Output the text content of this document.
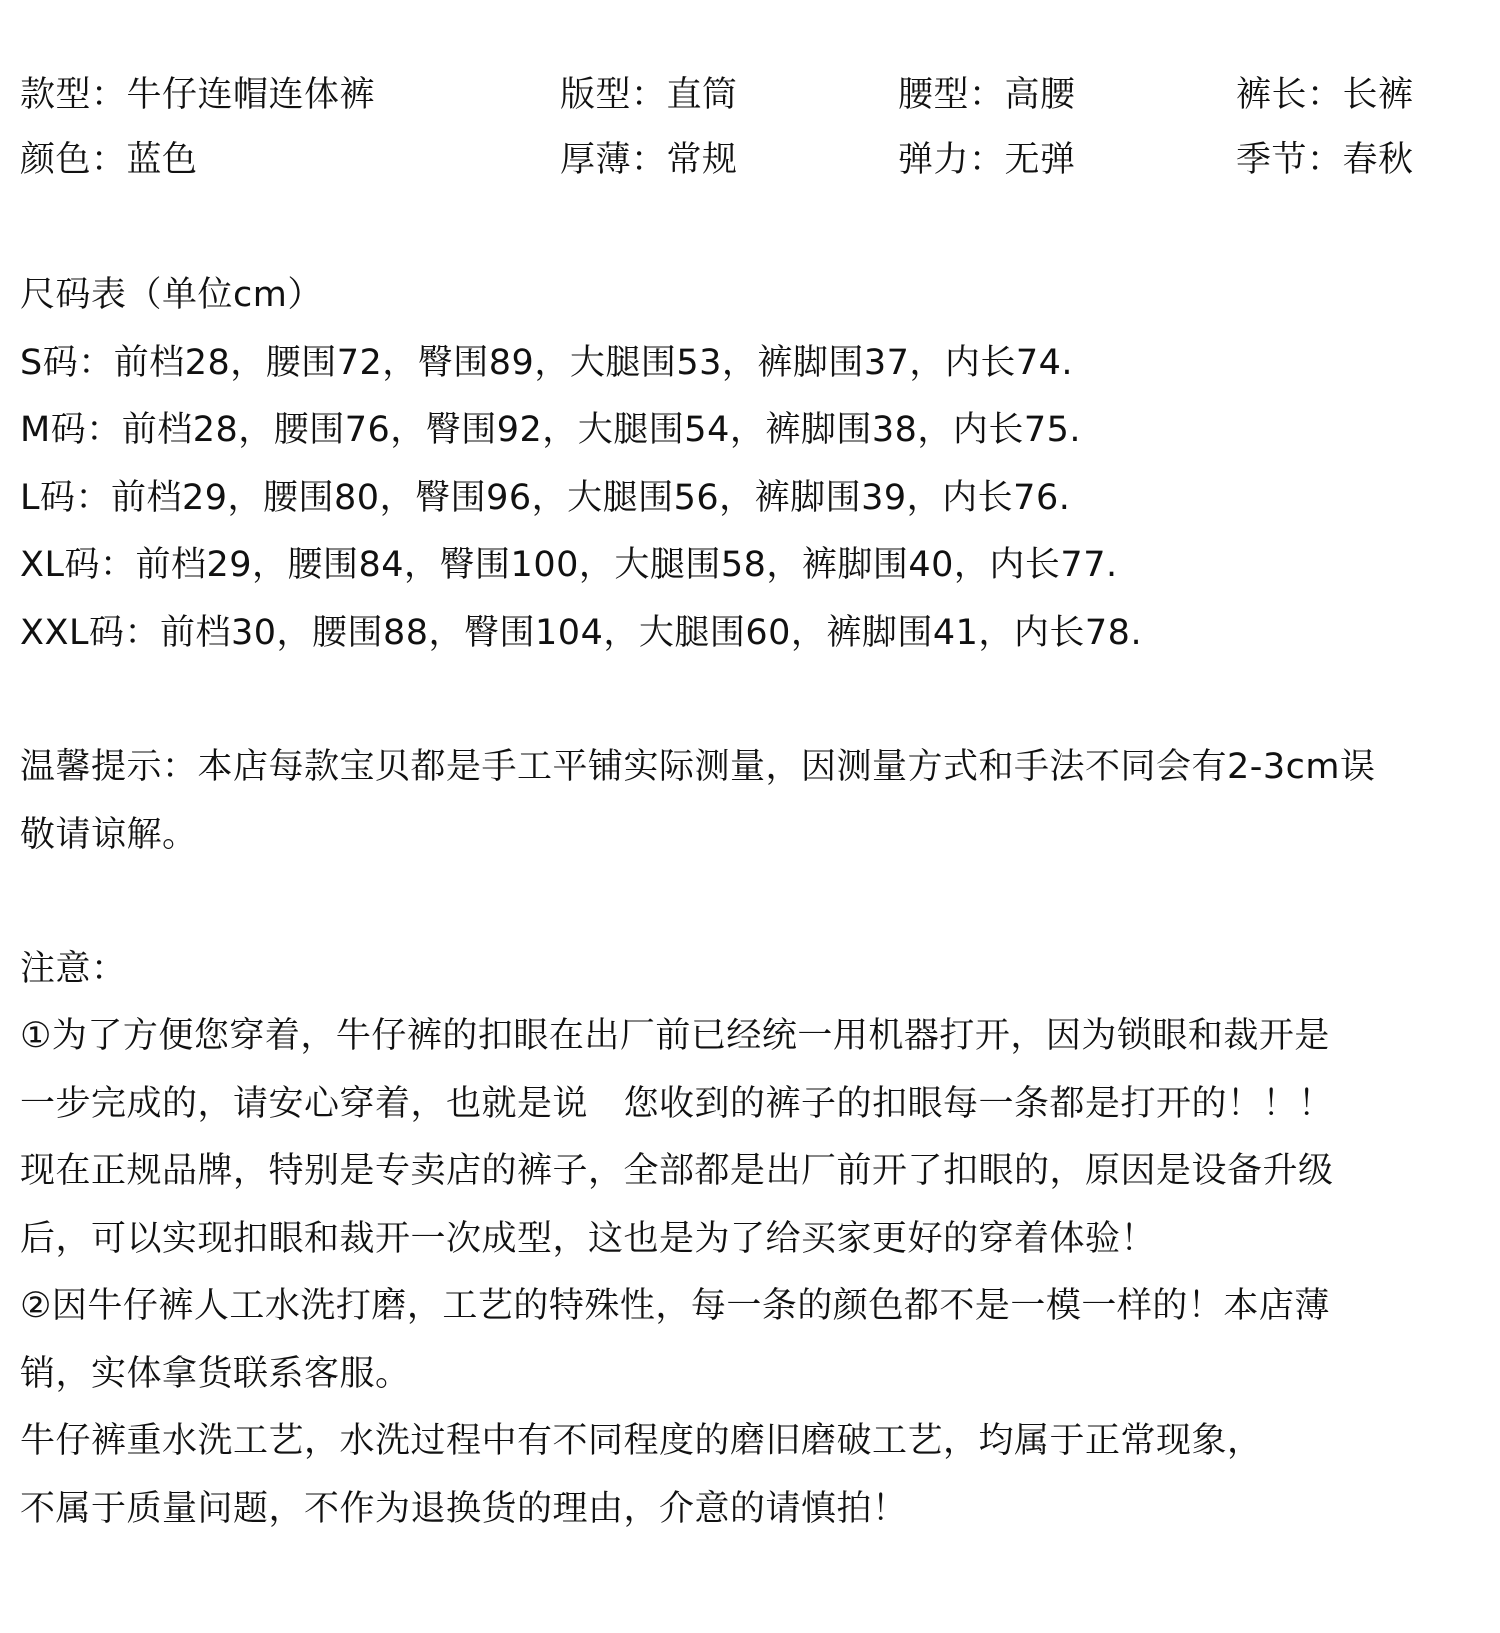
款型：牛仔连帽连体裤	版型：直筒	腰型：高腰	裤长：长裤
颜色：蓝色	厚薄：常规	弹力：无弹	季节：春秋
尺码表（单位cm）
S码：前档28，腰围72，臀围89，大腿围53，裤脚围37，内长74.
M码：前档28，腰围76，臀围92，大腿围54，裤脚围38，内长75.
L码：前档29，腰围80，臀围96，大腿围56，裤脚围39，内长76.
XL码：前档29，腰围84，臀围100，大腿围58，裤脚围40，内长77.
XXL码：前档30，腰围88，臀围104，大腿围60，裤脚围41，内长78.
温馨提示：本店每款宝贝都是手工平铺实际测量，因测量方式和手法不同会有2-3cm误
敬请谅解。
注意：
①为了方便您穿着，牛仔裤的扣眼在出厂前已经统一用机器打开，因为锁眼和裁开是
一步完成的，请安心穿着，也就是说　您收到的裤子的扣眼每一条都是打开的！！！
现在正规品牌，特别是专卖店的裤子，全部都是出厂前开了扣眼的，原因是设备升级
后，可以实现扣眼和裁开一次成型，这也是为了给买家更好的穿着体验！
②因牛仔裤人工水洗打磨，工艺的特殊性，每一条的颜色都不是一模一样的！本店薄
销，实体拿货联系客服。
牛仔裤重水洗工艺，水洗过程中有不同程度的磨旧磨破工艺，均属于正常现象，
不属于质量问题，不作为退换货的理由，介意的请慎拍！
